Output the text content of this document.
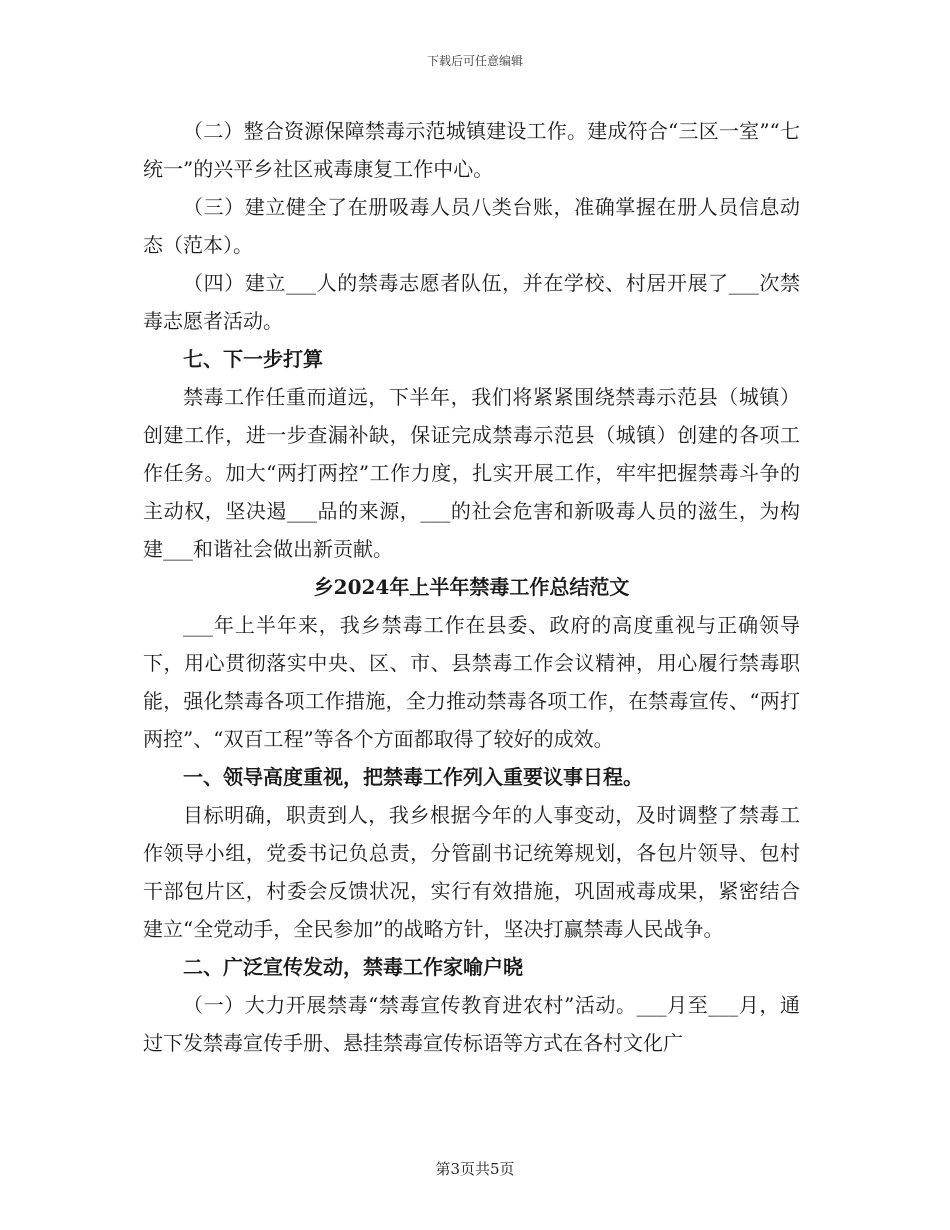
下载后可任意编辑

（二）整合资源保障禁毒示范城镇建设工作。建成符合“三区一室”“七统一”的兴平乡社区戒毒康复工作中心。

（三）建立健全了在册吸毒人员八类台账，准确掌握在册人员信息动态（范本）。

（四）建立___人的禁毒志愿者队伍，并在学校、村居开展了___次禁毒志愿者活动。

七、下一步打算

禁毒工作任重而道远，下半年，我们将紧紧围绕禁毒示范县（城镇）创建工作，进一步查漏补缺，保证完成禁毒示范县（城镇）创建的各项工作任务。加大“两打两控”工作力度，扎实开展工作，牢牢把握禁毒斗争的主动权，坚决遏___品的来源，___的社会危害和新吸毒人员的滋生，为构建___和谐社会做出新贡献。

乡2024年上半年禁毒工作总结范文

___年上半年来，我乡禁毒工作在县委、政府的高度重视与正确领导下，用心贯彻落实中央、区、市、县禁毒工作会议精神，用心履行禁毒职能，强化禁毒各项工作措施，全力推动禁毒各项工作，在禁毒宣传、“两打两控”、“双百工程”等各个方面都取得了较好的成效。

一、领导高度重视，把禁毒工作列入重要议事日程。

目标明确，职责到人，我乡根据今年的人事变动，及时调整了禁毒工作领导小组，党委书记负总责，分管副书记统筹规划，各包片领导、包村干部包片区，村委会反馈状况，实行有效措施，巩固戒毒成果，紧密结合建立“全党动手，全民参加”的战略方针，坚决打赢禁毒人民战争。

二、广泛宣传发动，禁毒工作家喻户晓

（一）大力开展禁毒“禁毒宣传教育进农村”活动。___月至___月，通过下发禁毒宣传手册、悬挂禁毒宣传标语等方式在各村文化广

第3页共5页
